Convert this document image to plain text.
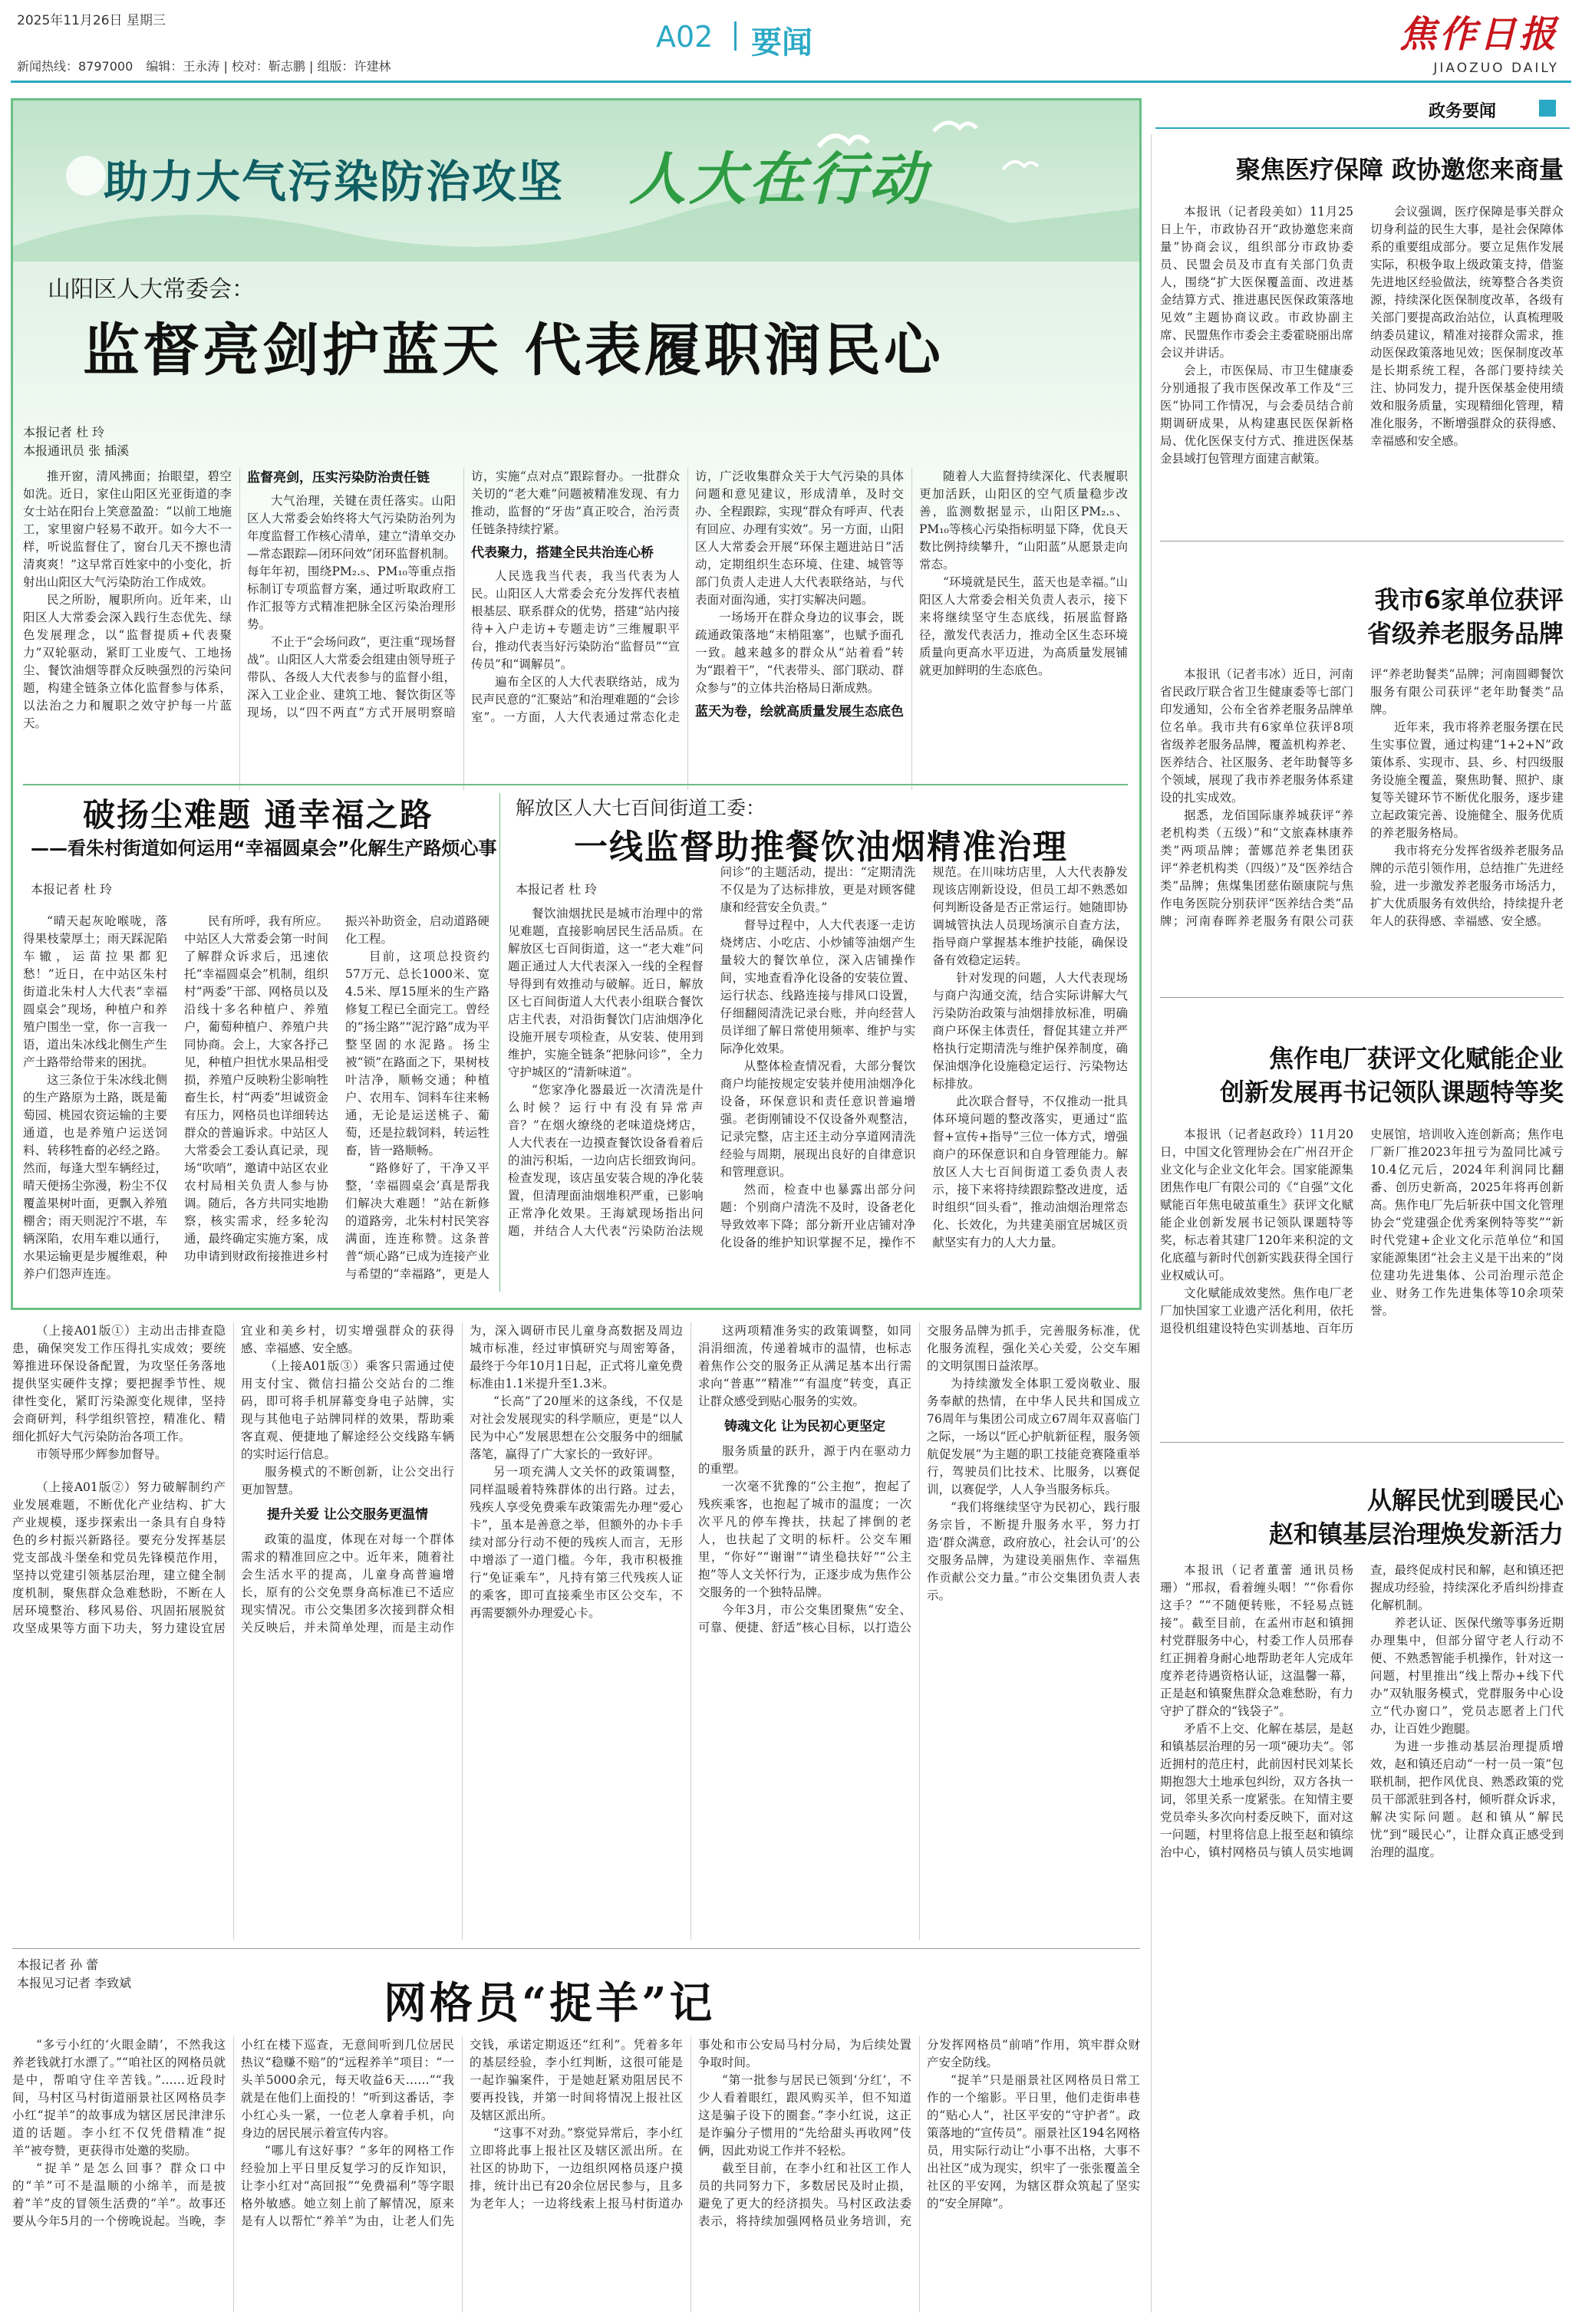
2025年11月26日 星期三
新闻热线：8797000 编辑：王永涛 | 校对：靳志鹏 | 组版：许建林
A02 要闻	焦作日报
JIAOZUO DAILY
政务要闻
助力大气污染防治攻坚 人大在行动
山阳区人大常委会：
监督亮剑护蓝天 代表履职润民心
本报记者 杜 玲
本报通讯员 张 插溪

推开窗，清风拂面；抬眼望，碧空如洗。近日，家住山阳区光亚街道的李女士站在阳台上笑意盈盈：“以前工地施工，家里窗户轻易不敢开。如今大不一样，听说监督住了，窗台几天不擦也清清爽爽！”这早常百姓家中的小变化，折射出山阳区大气污染防治工作成效。

民之所盼，履职所向。近年来，山阳区人大常委会深入践行生态优先、绿色发展理念，以“监督提质+代表聚力”双轮驱动，紧盯工业废气、工地扬尘、餐饮油烟等群众反映强烈的污染问题，构建全链条立体化监督参与体系，以法治之力和履职之效守护每一片蓝天。

监督亮剑，压实污染防治责任链

大气治理，关键在责任落实。山阳区人大常委会始终将大气污染防治列为年度监督工作核心清单，建立“清单交办—常态跟踪—闭环问效”闭环监督机制。每年年初，围绕PM₂.₅、PM₁₀等重点指标制订专项监督方案，通过听取政府工作汇报等方式精准把脉全区污染治理形势。

不止于“会场问政”，更注重“现场督战”。山阳区人大常委会组建由领导班子带队、各级人大代表参与的监督小组，深入工业企业、建筑工地、餐饮街区等现场，以“四不两直”方式开展明察暗访，实施“点对点”跟踪督办。一批群众关切的“老大难”问题被精准发现、有力推动，监督的“牙齿”真正咬合，治污责任链条持续拧紧。

代表聚力，搭建全民共治连心桥

人民选我当代表，我当代表为人民。山阳区人大常委会充分发挥代表植根基层、联系群众的优势，搭建“站内接待+入户走访+专题走访”三维履职平台，推动代表当好污染防治“监督员”“宣传员”和“调解员”。

遍布全区的人大代表联络站，成为民声民意的“汇聚站”和治理难题的“会诊室”。一方面，人大代表通过常态化走访，广泛收集群众关于大气污染的具体问题和意见建议，形成清单，及时交办、全程跟踪，实现“群众有呼声、代表有回应、办理有实效”。另一方面，山阳区人大常委会开展“环保主题进站日”活动，定期组织生态环境、住建、城管等部门负责人走进人大代表联络站，与代表面对面沟通，实打实解决问题。

一场场开在群众身边的议事会，既疏通政策落地“末梢阻塞”，也赋予面孔一致。越来越多的群众从“站着看”转为“跟着干”，“代表带头、部门联动、群众参与”的立体共治格局日渐成熟。

蓝天为卷，绘就高质量发展生态底色

随着人大监督持续深化、代表履职更加活跃，山阳区的空气质量稳步改善，监测数据显示，山阳区PM₂.₅、PM₁₀等核心污染指标明显下降，优良天数比例持续攀升，“山阳蓝”从愿景走向常态。

“环境就是民生，蓝天也是幸福。”山阳区人大常委会相关负责人表示，接下来将继续坚守生态底线，拓展监督路径，激发代表活力，推动全区生态环境质量向更高水平迈进，为高质量发展铺就更加鲜明的生态底色。

破扬尘难题 通幸福之路
——看朱村街道如何运用“幸福圆桌会”化解生产路烦心事
本报记者 杜 玲

“晴天起灰呛喉咙，落得果枝蒙厚土；雨天踩泥陷车辙，运苗拉果都犯愁！”近日，在中站区朱村街道北朱村人大代表“幸福圆桌会”现场，种植户和养殖户围坐一堂，你一言我一语，道出朱冰线北侧生产生产土路带给带来的困扰。

这三条位于朱冰线北侧的生产路原为土路，既是葡萄园、桃园农资运输的主要通道，也是养殖户运送饲料、转移牲畜的必经之路。然而，每逢大型车辆经过，晴天便扬尘弥漫，粉尘不仅覆盖果树叶面，更飘入养殖棚舍；雨天则泥泞不堪，车辆深陷，农用车难以通行，水果运输更是步履维艰，种养户们怨声连连。

民有所呼，我有所应。中站区人大常委会第一时间了解群众诉求后，迅速依托“幸福圆桌会”机制，组织村“两委”干部、网格员以及沿线十多名种植户、养殖户，葡萄种植户、养殖户共同协商。会上，大家各抒己见，种植户担忧水果品相受损，养殖户反映粉尘影响牲畜生长，村“两委”坦诚资金有压力，网格员也详细转达群众的普遍诉求。中站区人大常委会工委认真记录，现场“吹哨”，邀请中站区农业农村局相关负责人参与协调。随后，各方共同实地勘察，核实需求，经多轮沟通，最终确定实施方案，成功申请到财政衔接推进乡村振兴补助资金，启动道路硬化工程。

目前，这项总投资约57万元、总长1000米、宽4.5米、厚15厘米的生产路修复工程已全面完工。曾经的“扬尘路”“泥泞路”成为平整坚固的水泥路。扬尘被“锁”在路面之下，果树枝叶洁净，顺畅交通；种植户、农用车、饲料车往来畅通，无论是运送桃子、葡萄，还是拉载饲料，转运牲畜，皆一路顺畅。

“路修好了，干净又平整，‘幸福圆桌会’真是帮我们解决大难题！”站在新修的道路旁，北朱村村民笑容满面，连连称赞。这条普普“烦心路”已成为连接产业与希望的“幸福路”，更是人

解放区人大七百间街道工委：
一线监督助推餐饮油烟精准治理
本报记者 杜 玲

餐饮油烟扰民是城市治理中的常见难题，直接影响居民生活品质。在解放区七百间街道，这一“老大难”问题正通过人大代表深入一线的全程督导得到有效推动与破解。近日，解放区七百间街道人大代表小组联合餐饮店主代表，对沿街餐饮门店油烟净化设施开展专项检查，从安装、使用到维护，实施全链条“把脉问诊”，全力守护城区的“清新味道”。

“您家净化器最近一次清洗是什么时候？运行中有没有异常声音？”在烟火缭绕的老味道烧烤店，人大代表在一边摸查餐饮设备看着后的油污积垢，一边向店长细致询问。检查发现，该店虽安装合规的净化装置，但清理面油烟堆积严重，已影响正常净化效果。王海斌现场指出问题，并结合人大代表“污染防治法规问诊”的主题活动，提出：“定期清洗不仅是为了达标排放，更是对顾客健康和经营安全负责。”

督导过程中，人大代表逐一走访烧烤店、小吃店、小炒铺等油烟产生量较大的餐饮单位，深入店铺操作间，实地查看净化设备的安装位置、运行状态、线路连接与排风口设置，仔细翻阅清洗记录台账，并向经营人员详细了解日常使用频率、维护与实际净化效果。

从整体检查情况看，大部分餐饮商户均能按规定安装并使用油烟净化设备，环保意识和责任意识普遍增强。老街刚铺设不仅设备外观整洁，记录完整，店主还主动分享道网清洗经验与周期，展现出良好的自律意识和管理意识。

然而，检查中也暴露出部分问题：个别商户清洗不及时，设备老化导致效率下降；部分新开业店铺对净化设备的维护知识掌握不足，操作不规范。在川味坊店里，人大代表静发现该店刚新设设，但员工却不熟悉如何判断设备是否正常运行。她随即协调城管执法人员现场演示自查方法，指导商户掌握基本维护技能，确保设备有效稳定运转。

针对发现的问题，人大代表现场与商户沟通交流，结合实际讲解大气污染防治政策与油烟排放标准，明确商户环保主体责任，督促其建立并严格执行定期清洗与维护保养制度，确保油烟净化设施稳定运行、污染物达标排放。

此次联合督导，不仅推动一批具体环境问题的整改落实，更通过“监督+宣传+指导”三位一体方式，增强商户的环保意识和自身管理能力。解放区人大七百间街道工委负责人表示，接下来将持续跟踪整改进度，适时组织“回头看”，推动油烟治理常态化、长效化，为共建美丽宜居城区贡献坚实有力的人大力量。

聚焦医疗保障 政协邀您来商量

本报讯（记者段美如）11月25日上午，市政协召开“政协邀您来商量”协商会议，组织部分市政协委员、民盟会员及市直有关部门负责人，围绕“扩大医保覆盖面、改进基金结算方式、推进惠民医保政策落地见效”主题协商议政。市政协副主席、民盟焦作市委会主委霍晓丽出席会议并讲话。

会上，市医保局、市卫生健康委分别通报了我市医保改革工作及“三医”协同工作情况，与会委员结合前期调研成果，从构建惠民医保新格局、优化医保支付方式、推进医保基金县域打包管理方面建言献策。

会议强调，医疗保障是事关群众切身利益的民生大事，是社会保障体系的重要组成部分。要立足焦作发展实际，积极争取上级政策支持，借鉴先进地区经验做法，统筹整合各类资源，持续深化医保制度改革，各级有关部门要提高政治站位，认真梳理吸纳委员建议，精准对接群众需求，推动医保政策落地见效；医保制度改革是长期系统工程，各部门要持续关注、协同发力，提升医保基金使用绩效和服务质量，实现精细化管理，精准化服务，不断增强群众的获得感、幸福感和安全感。

我市6家单位获评
省级养老服务品牌

本报讯（记者韦冰）近日，河南省民政厅联合省卫生健康委等七部门印发通知，公布全省养老服务品牌单位名单。我市共有6家单位获评8项省级养老服务品牌，覆盖机构养老、医养结合、社区服务、老年助餐等多个领域，展现了我市养老服务体系建设的扎实成效。

据悉，龙佰国际康养城获评“养老机构类（五级）”和“文旅森林康养类”两项品牌；蕾娜范养老集团获评“养老机构类（四级）”及“医养结合类”品牌；焦煤集团慈佑颐康院与焦作电务医院分别获评“医养结合类”品牌；河南春晖养老服务有限公司获评“养老助餐类”品牌；河南圆卿餐饮服务有限公司获评“老年助餐类”品牌。

近年来，我市将养老服务摆在民生实事位置，通过构建“1+2+N”政策体系、实现市、县、乡、村四级服务设施全覆盖，聚焦助餐、照护、康复等关键环节不断优化服务，逐步建立起政策完善、设施健全、服务优质的养老服务格局。

我市将充分发挥省级养老服务品牌的示范引领作用，总结推广先进经验，进一步激发养老服务市场活力，扩大优质服务有效供给，持续提升老年人的获得感、幸福感、安全感。

焦作电厂获评文化赋能企业
创新发展再书记领队课题特等奖

本报讯（记者赵政玲）11月20日，中国文化管理协会在广州召开企业文化与企业文化年会。国家能源集团焦作电厂有限公司的《“自强”文化赋能百年焦电破茧重生》获评文化赋能企业创新发展书记领队课题特等奖，标志着其建厂120年来积淀的文化底蕴与新时代创新实践获得全国行业权威认可。

文化赋能成效斐然。焦作电厂老厂加快国家工业遗产活化利用，依托退役机组建设特色实训基地、百年历史展馆，培训收入连创新高；焦作电厂新厂推2023年扭亏为盈同比减亏10.4亿元后，2024年利润同比翻番、创历史新高，2025年将再创新高。焦作电厂先后斩获中国文化管理协会“党建强企优秀案例特等奖”“新时代党建+企业文化示范单位”和国家能源集团“社会主义是干出来的”岗位建功先进集体、公司治理示范企业、财务工作先进集体等10余项荣誉。

从解民忧到暖民心
赵和镇基层治理焕发新活力

本报讯（记者董蕾 通讯员杨珊）“邢叔，看着缠头咽！”“你看你这手？”“不随便转账，不轻易点链接”。截至目前，在孟州市赵和镇拥村党群服务中心，村委工作人员邢春红正拥着身耐心地帮助老年人完成年度养老待遇资格认证，这温馨一幕，正是赵和镇聚焦群众急难愁盼，有力守护了群众的“钱袋子”。

矛盾不上交、化解在基层，是赵和镇基层治理的另一项“硬功夫”。邻近拥村的范庄村，此前因村民刘某长期抱怨大土地承包纠纷，双方各执一词，邻里关系一度紧张。在知情主要党员牵头多次向村委反映下，面对这一问题，村里将信息上报至赵和镇综治中心，镇村网格员与镇人员实地调查，最终促成村民和解，赵和镇还把握成功经验，持续深化矛盾纠纷排查化解机制。

养老认证、医保代缴等事务近期办理集中，但部分留守老人行动不便、不熟悉智能手机操作，针对这一问题，村里推出“线上帮办+线下代办”双轨服务模式，党群服务中心设立“代办窗口”，党员志愿者上门代办，让百姓少跑腿。

为进一步推动基层治理提质增效，赵和镇还启动“一村一员一策”包联机制，把作风优良、熟悉政策的党员干部派驻到各村，倾听群众诉求，解决实际问题。赵和镇从“解民忧”到“暖民心”，让群众真正感受到治理的温度。

（上接A01版①）主动出击排查隐患，确保突发工作压得扎实成效；要统筹推进环保设备配置，为攻坚任务落地提供坚实硬件支撑；要把握季节性、规律性变化，紧盯污染源变化规律，坚持会商研判，科学组织管控，精准化、精细化抓好大气污染防治各项工作。

市领导邢少辉参加督导。

（上接A01版②）努力破解制约产业发展难题，不断优化产业结构、扩大产业规模，逐步探索出一条具有自身特色的乡村振兴新路径。要充分发挥基层党支部战斗堡垒和党员先锋模范作用，坚持以党建引领基层治理，建立健全制度机制，聚焦群众急难愁盼，不断在人居环境整治、移风易俗、巩固拓展脱贫攻坚成果等方面下功夫，努力建设宜居宜业和美乡村，切实增强群众的获得感、幸福感、安全感。

（上接A01版③）乘客只需通过使用支付宝、微信扫描公交站台的二维码，即可将手机屏幕变身电子站牌，实现与其他电子站牌同样的效果，帮助乘客直观、便捷地了解途经公交线路车辆的实时运行信息。

服务模式的不断创新，让公交出行更加智慧。

提升关爱 让公交服务更温情

政策的温度，体现在对每一个群体需求的精准回应之中。近年来，随着社会生活水平的提高，儿童身高普遍增长，原有的公交免票身高标准已不适应现实情况。市公交集团多次接到群众相关反映后，并未简单处理，而是主动作为，深入调研市民儿童身高数据及周边城市标准，经过审慎研究与周密筹备，最终于今年10月1日起，正式将儿童免费标准由1.1米提升至1.3米。

“长高”了20厘米的这条线，不仅是对社会发展现实的科学顺应，更是“以人民为中心”发展思想在公交服务中的细腻落笔，赢得了广大家长的一致好评。

另一项充满人文关怀的政策调整，同样温暖着特殊群体的出行路。过去，残疾人享受免费乘车政策需先办理“爱心卡”，虽本是善意之举，但额外的办卡手续对部分行动不便的残疾人而言，无形中增添了一道门槛。今年，我市积极推行“免证乘车”，凡持有第三代残疾人证的乘客，即可直接乘坐市区公交车，不再需要额外办理爱心卡。

这两项精准务实的政策调整，如同涓涓细流，传递着城市的温情，也标志着焦作公交的服务正从满足基本出行需求向“普惠”“精准”“有温度”转变，真正让群众感受到贴心服务的实效。

铸魂文化 让为民初心更坚定

服务质量的跃升，源于内在驱动力的重塑。

一次毫不犹豫的“公主抱”，抱起了残疾乘客，也抱起了城市的温度；一次次平凡的停车搀扶，扶起了摔倒的老人，也扶起了文明的标杆。公交车厢里，“你好”“谢谢”“请坐稳扶好”“公主抱”等人文关怀行为，正逐步成为焦作公交服务的一个独特品牌。

今年3月，市公交集团聚焦“安全、可靠、便捷、舒适”核心目标，以打造公交服务品牌为抓手，完善服务标准，优化服务流程，强化关心关爱，公交车厢的文明氛围日益浓厚。

为持续激发全体职工爱岗敬业、服务奉献的热情，在中华人民共和国成立76周年与集团公司成立67周年双喜临门之际，一场以“匠心护航新征程，服务领航促发展”为主题的职工技能竞赛隆重举行，驾驶员们比技术、比服务，以赛促训，以赛促学，人人争当服务标兵。

“我们将继续坚守为民初心，践行服务宗旨，不断提升服务水平，努力打造‘群众满意，政府放心，社会认可’的公交服务品牌，为建设美丽焦作、幸福焦作贡献公交力量。”市公交集团负责人表示。

本报记者 孙 蕾
本报见习记者 李致斌	网格员“捉羊”记

“多亏小红的‘火眼金睛’，不然我这养老钱就打水漂了。”“咱社区的网格员就是中，帮咱守住辛苦钱。”……近段时间，马村区马村街道丽景社区网格员李小红“捉羊”的故事成为辖区居民津津乐道的话题。李小红不仅凭借精准“捉羊”被夸赞，更获得市处邀的奖励。

“捉羊”是怎么回事？群众口中的“羊”可不是温顺的小绵羊，而是披着“羊”皮的冒领生活费的“羊”。故事还要从今年5月的一个傍晚说起。当晚，李小红在楼下巡查，无意间听到几位居民热议“稳赚不赔”的“远程养羊”项目：“一头羊5000余元，每天收益6天……”“我就是在他们上面投的！”听到这番话，李小红心头一紧，一位老人拿着手机，向身边的居民展示着宣传内容。

“哪儿有这好事？”多年的网格工作经验加上平日里反复学习的反诈知识，让李小红对“高回报”“免费福利”等字眼格外敏感。她立刻上前了解情况，原来是有人以帮忙“养羊”为由，让老人们先交钱，承诺定期返还“红利”。凭着多年的基层经验，李小红判断，这很可能是一起诈骗案件，于是她赶紧劝阻居民不要再投钱，并第一时间将情况上报社区及辖区派出所。

“这事不对劲。”察觉异常后，李小红立即将此事上报社区及辖区派出所。在社区的协助下，一边组织网格员逐户摸排，统计出已有20余位居民参与，且多为老年人；一边将线索上报马村街道办事处和市公安局马村分局，为后续处置争取时间。

“第一批参与居民已领到‘分红’，不少人看着眼红，跟风购买羊，但不知道这是骗子设下的圈套。”李小红说，这正是诈骗分子惯用的“先给甜头再收网”伎俩，因此劝说工作并不轻松。

截至目前，在李小红和社区工作人员的共同努力下，多数居民及时止损，避免了更大的经济损失。马村区政法委表示，将持续加强网格员业务培训，充分发挥网格员“前哨”作用，筑牢群众财产安全防线。

“捉羊”只是丽景社区网格员日常工作的一个缩影。平日里，他们走街串巷的“贴心人”，社区平安的“守护者”。政策落地的“宣传员”。丽景社区194名网格员，用实际行动让“小事不出格，大事不出社区”成为现实，织牢了一张张覆盖全社区的平安网，为辖区群众筑起了坚实的“安全屏障”。
